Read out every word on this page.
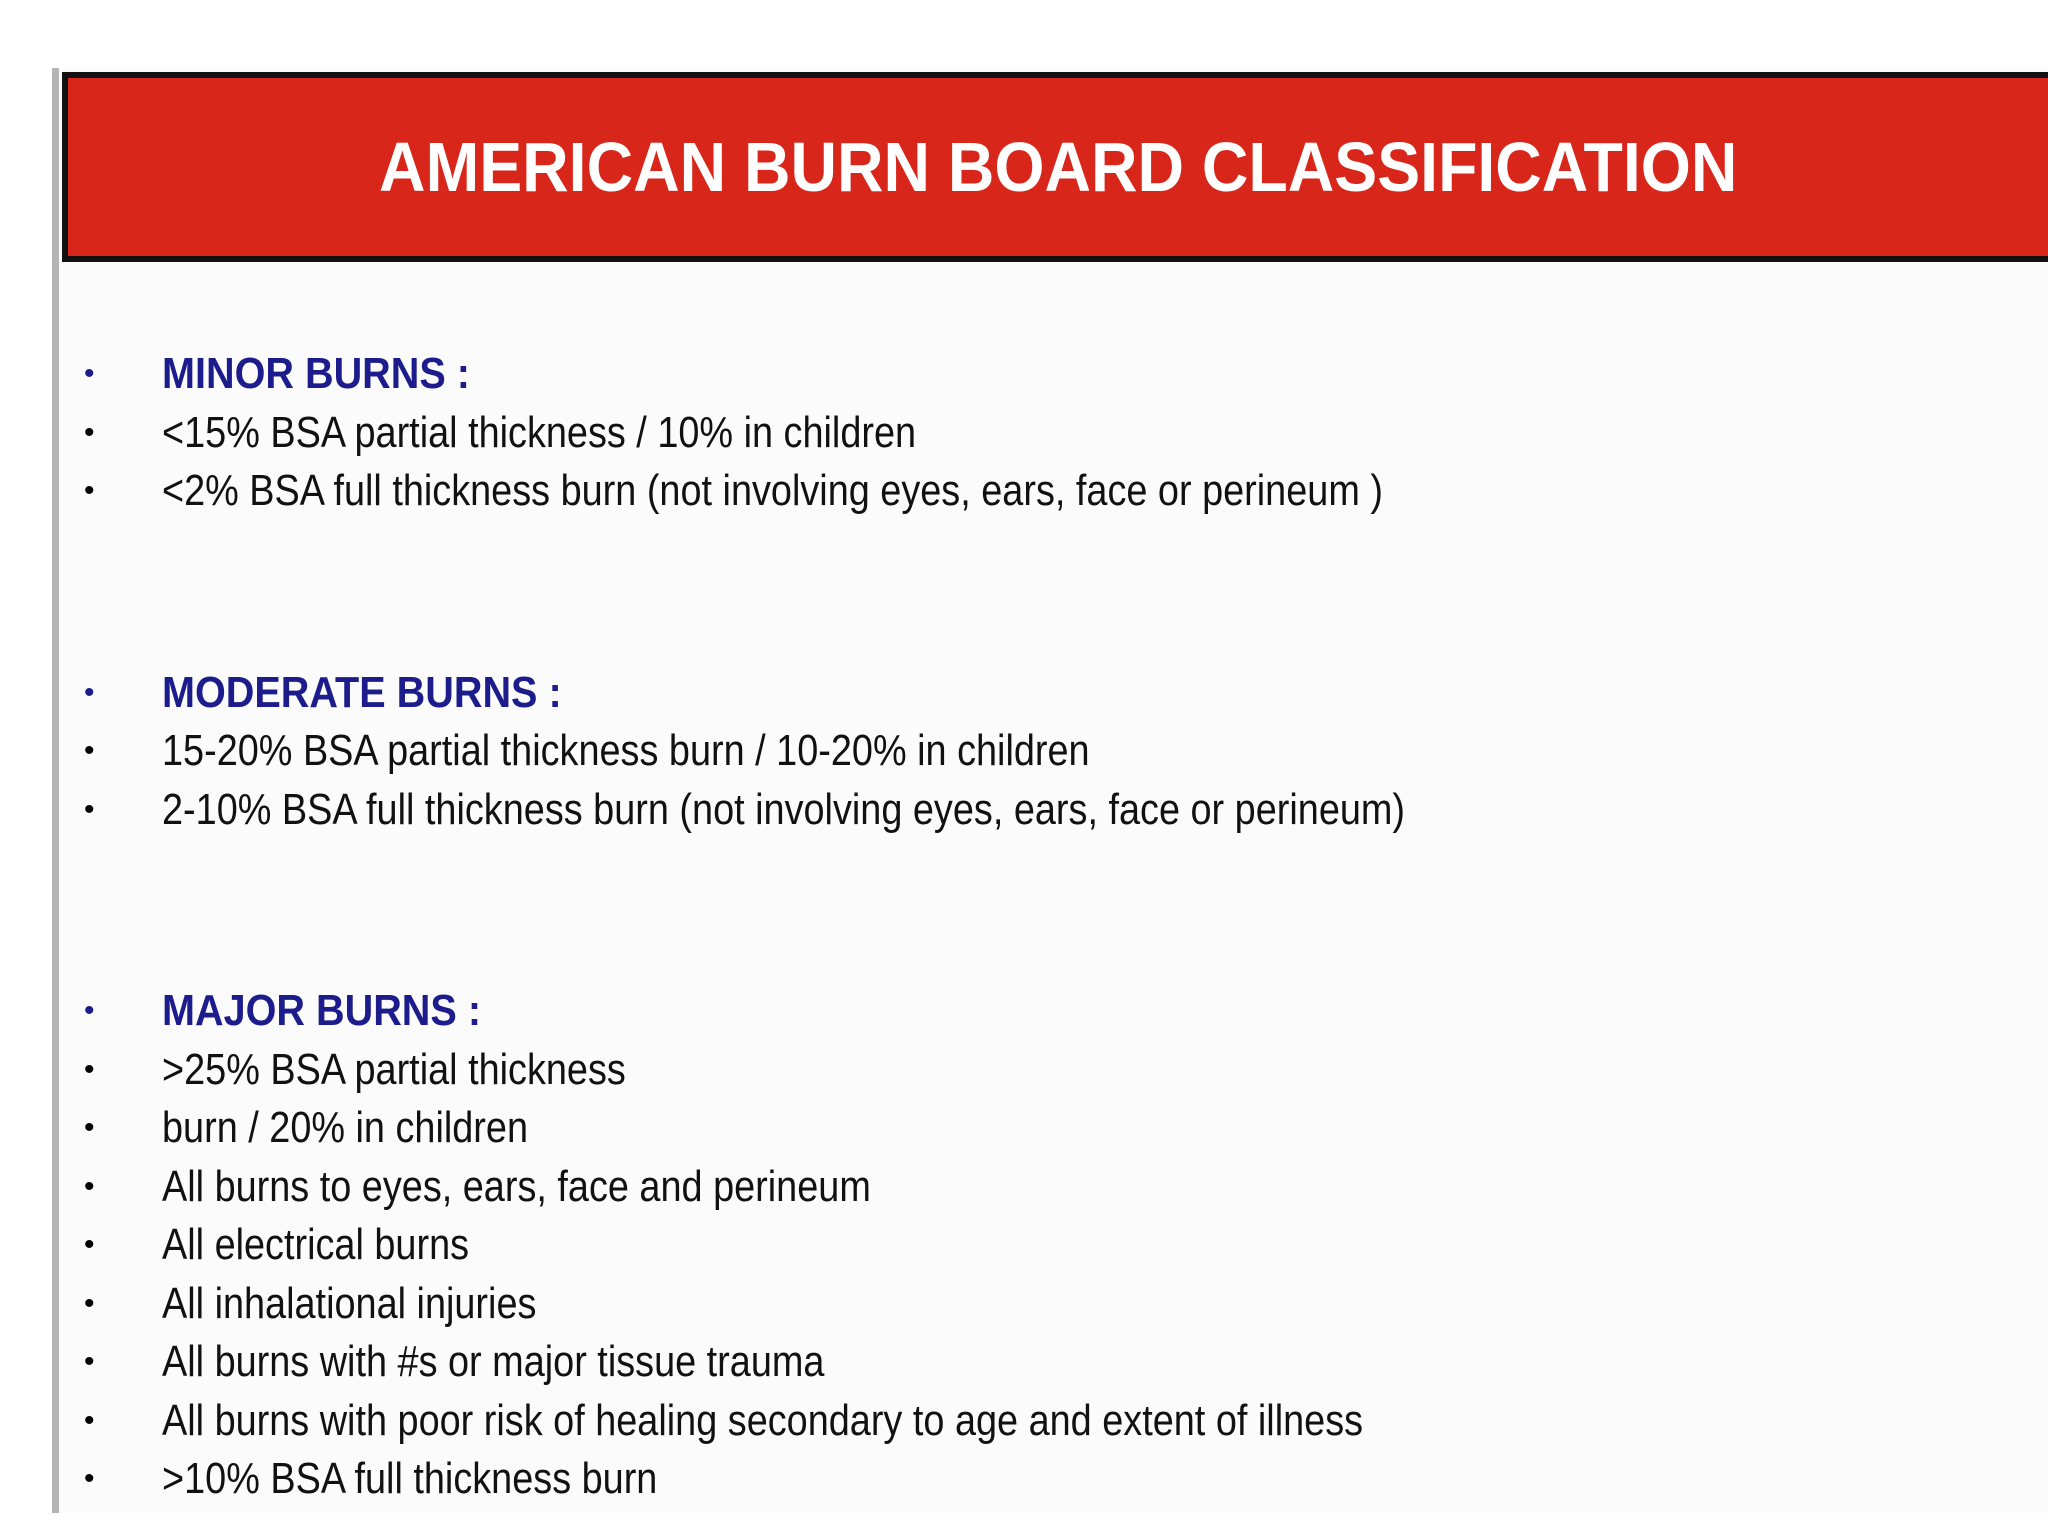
AMERICAN BURN BOARD CLASSIFICATION
•	MINOR BURNS :
•	<15% BSA partial thickness / 10% in children
•	<2% BSA full thickness burn (not involving eyes, ears, face or perineum )
•	MODERATE BURNS :
•	15-20% BSA partial thickness burn / 10-20% in children
•	2-10% BSA full thickness burn (not involving eyes, ears, face or perineum)
•	MAJOR BURNS :
•	>25% BSA partial thickness
•	burn / 20% in children
•	All burns to eyes, ears, face and perineum
•	All electrical burns
•	All inhalational injuries
•	All burns with #s or major tissue trauma
•	All burns with poor risk of healing secondary to age and extent of illness
•	>10% BSA full thickness burn
